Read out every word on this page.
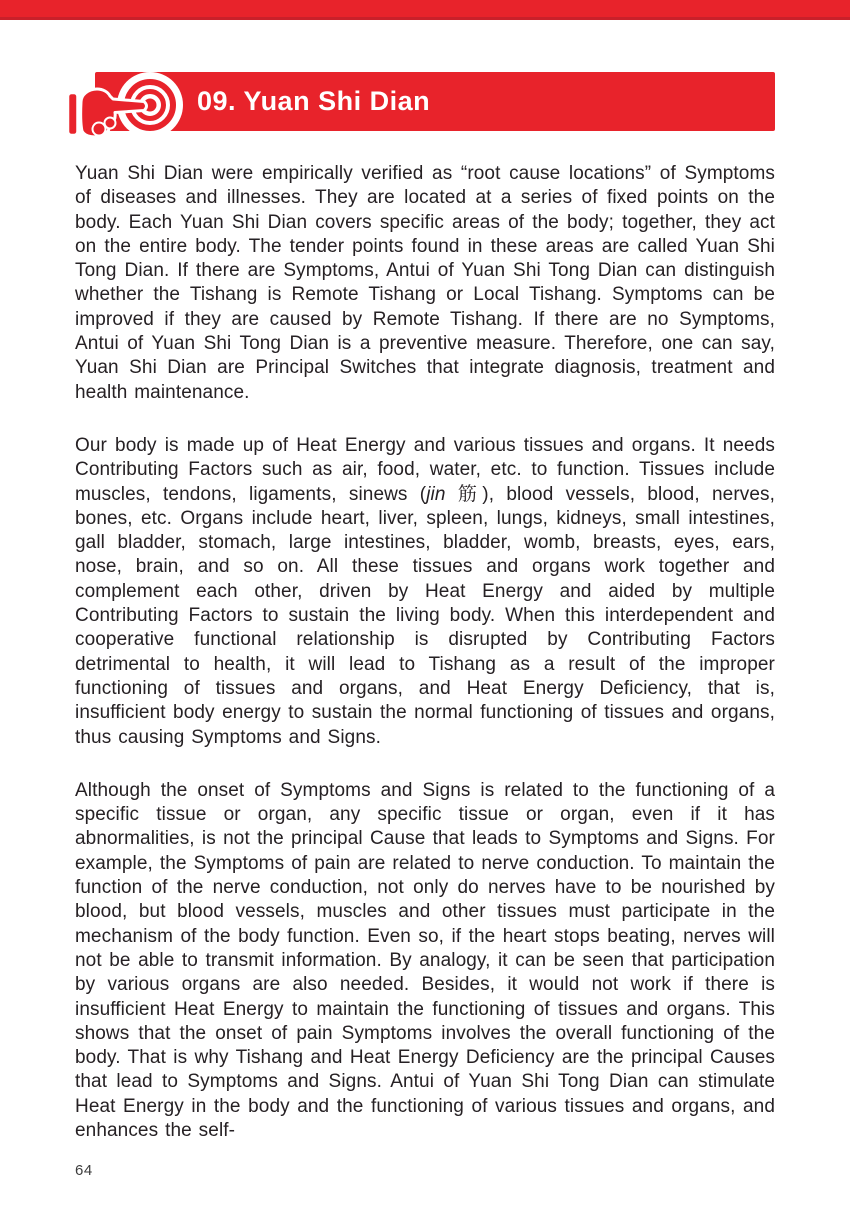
09. Yuan Shi Dian

Yuan Shi Dian were empirically verified as “root cause locations” of Symptoms of diseases and illnesses. They are located at a series of fixed points on the body. Each Yuan Shi Dian covers specific areas of the body; together, they act on the entire body. The tender points found in these areas are called Yuan Shi Tong Dian. If there are Symptoms, Antui of Yuan Shi Tong Dian can distinguish whether the Tishang is Remote Tishang or Local Tishang. Symptoms can be improved if they are caused by Remote Tishang. If there are no Symptoms, Antui of Yuan Shi Tong Dian is a preventive measure. Therefore, one can say, Yuan Shi Dian are Principal Switches that integrate diagnosis, treatment and health maintenance.

Our body is made up of Heat Energy and various tissues and organs. It needs Contributing Factors such as air, food, water, etc. to function. Tissues include muscles, tendons, ligaments, sinews (jin 筋), blood vessels, blood, nerves, bones, etc. Organs include heart, liver, spleen, lungs, kidneys, small intestines, gall bladder, stomach, large intestines, bladder, womb, breasts, eyes, ears, nose, brain, and so on. All these tissues and organs work together and complement each other, driven by Heat Energy and aided by multiple Contributing Factors to sustain the living body. When this interdependent and cooperative functional relationship is disrupted by Contributing Factors detrimental to health, it will lead to Tishang as a result of the improper functioning of tissues and organs, and Heat Energy Deficiency, that is, insufficient body energy to sustain the normal functioning of tissues and organs, thus causing Symptoms and Signs.

Although the onset of Symptoms and Signs is related to the functioning of a specific tissue or organ, any specific tissue or organ, even if it has abnormalities, is not the principal Cause that leads to Symptoms and Signs. For example, the Symptoms of pain are related to nerve conduction. To maintain the function of the nerve conduction, not only do nerves have to be nourished by blood, but blood vessels, muscles and other tissues must participate in the mechanism of the body function. Even so, if the heart stops beating, nerves will not be able to transmit information. By analogy, it can be seen that participation by various organs are also needed. Besides, it would not work if there is insufficient Heat Energy to maintain the functioning of tissues and organs. This shows that the onset of pain Symptoms involves the overall functioning of the body. That is why Tishang and Heat Energy Deficiency are the principal Causes that lead to Symptoms and Signs. Antui of Yuan Shi Tong Dian can stimulate Heat Energy in the body and the functioning of various tissues and organs, and enhances the self-

64
